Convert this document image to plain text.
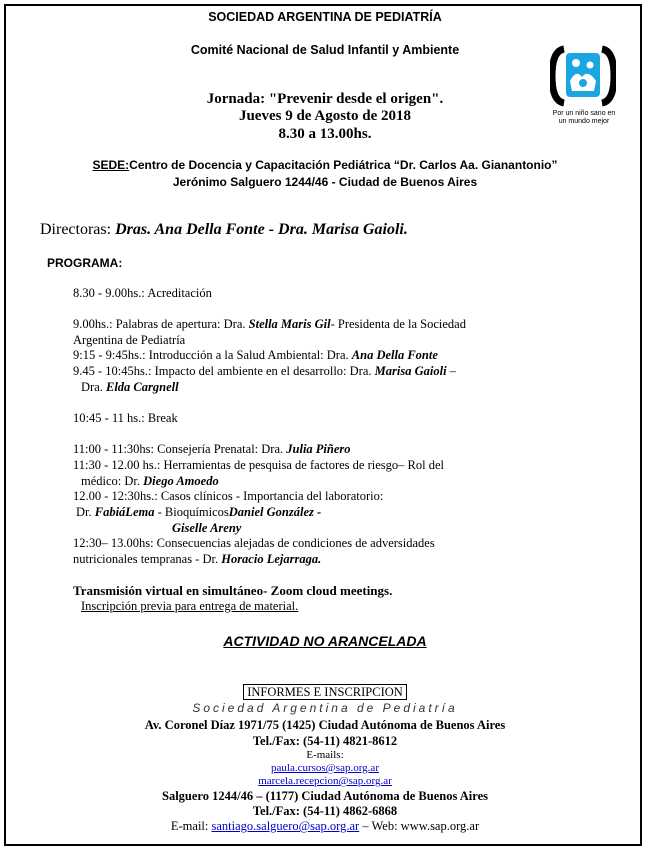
SOCIEDAD ARGENTINA DE PEDIATRÍA
Comité Nacional de Salud Infantil y Ambiente
Jornada: "Prevenir desde el origen".
Jueves 9 de Agosto de 2018
8.30 a 13.00hs.
Por un niño sano en un mundo mejor
SEDE:Centro de Docencia y Capacitación Pediátrica “Dr. Carlos Aa. Gianantonio”
Jerónimo Salguero 1244/46 - Ciudad de Buenos Aires
Directoras: Dras. Ana Della Fonte - Dra. Marisa Gaioli.
PROGRAMA:
8.30 - 9.00hs.: Acreditación
9.00hs.: Palabras de apertura: Dra. Stella Maris Gil- Presidenta de la Sociedad
Argentina de Pediatría
9:15 - 9:45hs.: Introducción a la Salud Ambiental: Dra. Ana Della Fonte
9.45 - 10:45hs.: Impacto del ambiente en el desarrollo: Dra. Marisa Gaioli –
Dra. Elda Cargnell
10:45 - 11 hs.: Break
11:00 - 11:30hs: Consejería Prenatal: Dra. Julia Piñero
11:30 - 12.00 hs.: Herramientas de pesquisa de factores de riesgo– Rol del
médico: Dr. Diego Amoedo
12.00 - 12:30hs.: Casos clínicos - Importancia del laboratorio:
Dr. FabiáLema - BioquímicosDaniel González -
Giselle Areny
12:30– 13.00hs: Consecuencias alejadas de condiciones de adversidades
nutricionales tempranas - Dr. Horacio Lejarraga.
Transmisión virtual en simultáneo- Zoom cloud meetings.
Inscripción previa para entrega de material.
ACTIVIDAD NO ARANCELADA
INFORMES E INSCRIPCION
Sociedad Argentina de Pediatría
Av. Coronel Díaz 1971/75 (1425) Ciudad Autónoma de Buenos Aires
Tel./Fax: (54-11) 4821-8612
E-mails:
paula.cursos@sap.org.ar
marcela.recepcion@sap.org.ar
Salguero 1244/46 – (1177) Ciudad Autónoma de Buenos Aires
Tel./Fax: (54-11) 4862-6868
E-mail: santiago.salguero@sap.org.ar – Web: www.sap.org.ar
